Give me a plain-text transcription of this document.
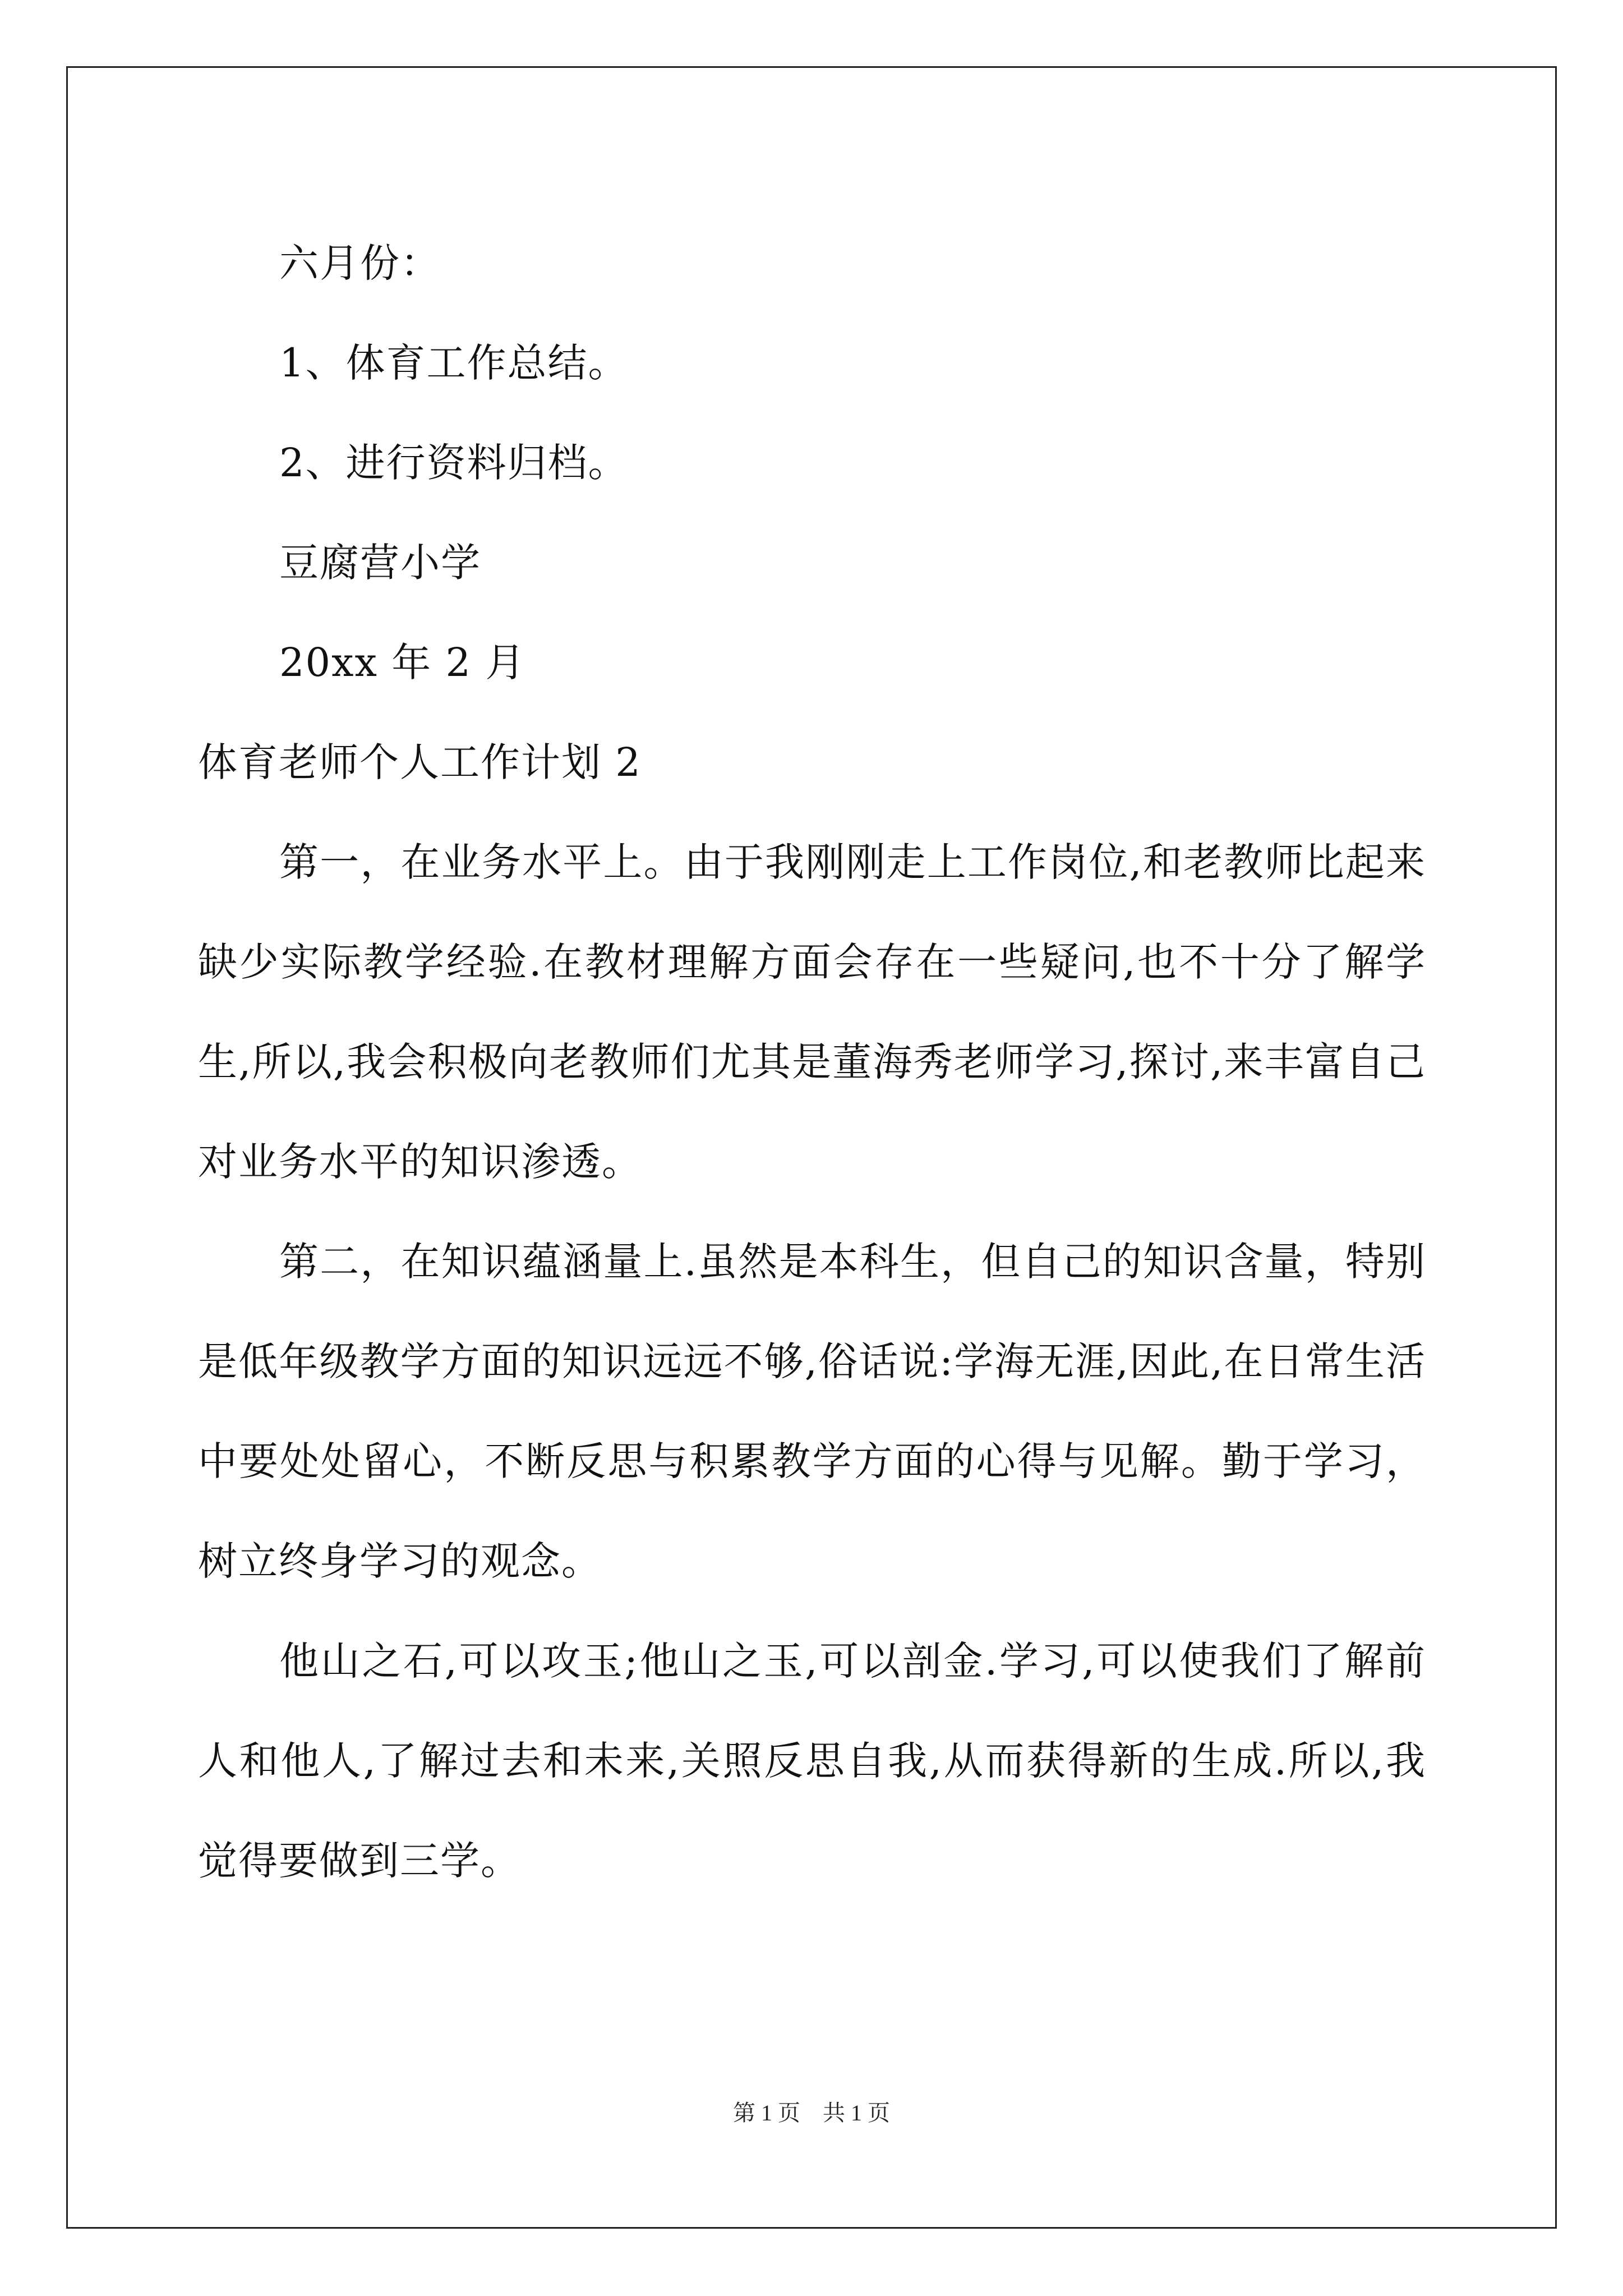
六月份：
1、体育工作总结。
2、进行资料归档。
豆腐营小学
20xx 年 2 月
体育老师个人工作计划 2

第一，在业务水平上。由于我刚刚走上工作岗位,和老教师比起来缺少实际教学经验.在教材理解方面会存在一些疑问,也不十分了解学生,所以,我会积极向老教师们尤其是董海秀老师学习,探讨,来丰富自己对业务水平的知识渗透。

第二，在知识蕴涵量上.虽然是本科生，但自己的知识含量，特别是低年级教学方面的知识远远不够,俗话说:学海无涯,因此,在日常生活中要处处留心，不断反思与积累教学方面的心得与见解。勤于学习，树立终身学习的观念。

他山之石,可以攻玉;他山之玉,可以剖金.学习,可以使我们了解前人和他人,了解过去和未来,关照反思自我,从而获得新的生成.所以,我觉得要做到三学。

第 1 页　共 1 页
